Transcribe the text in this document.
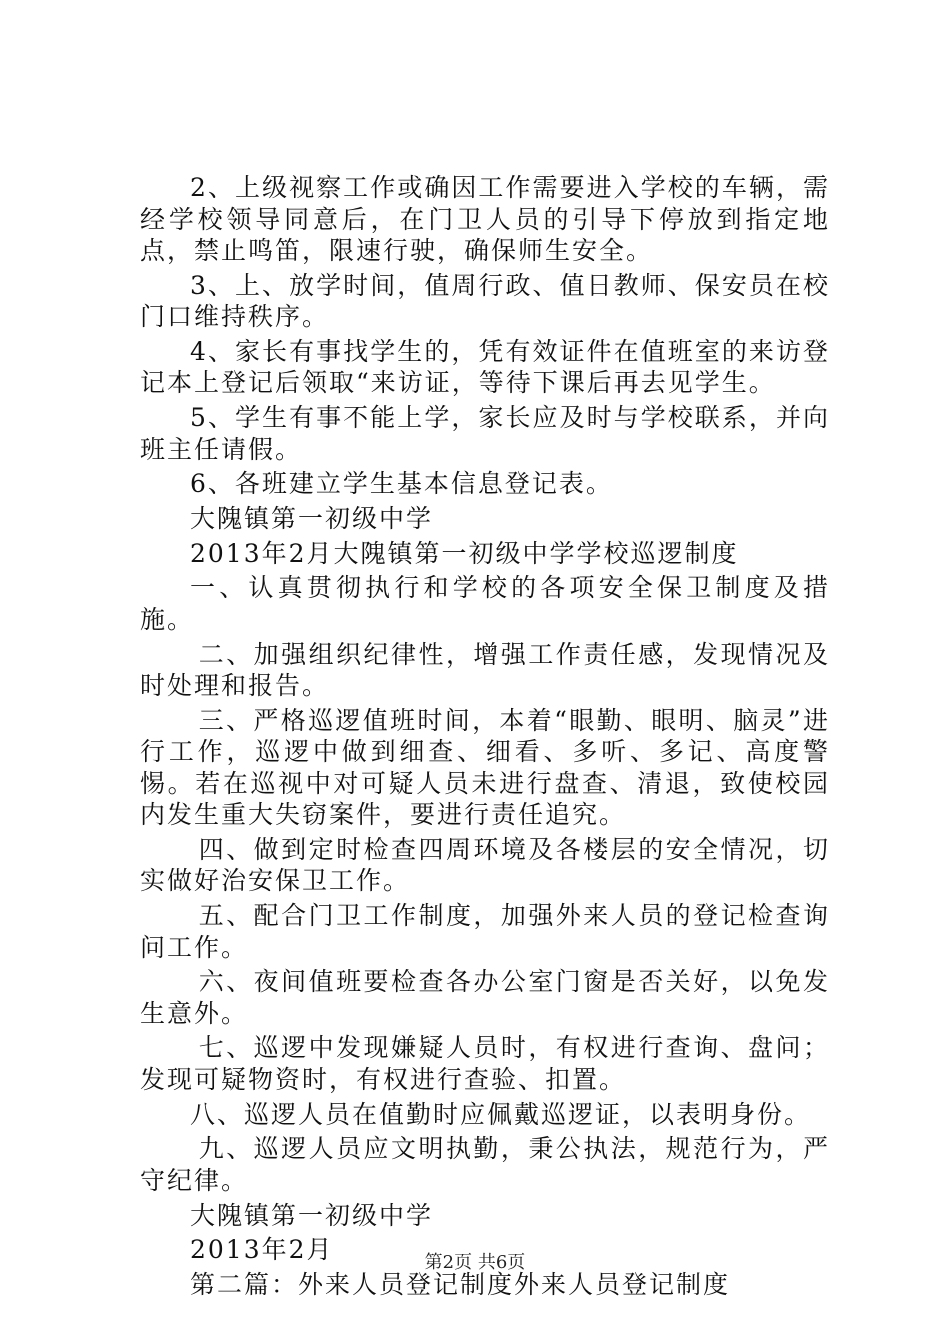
2、上级视察工作或确因工作需要进入学校的车辆，需经学校领导同意后，在门卫人员的引导下停放到指定地点，禁止鸣笛，限速行驶，确保师生安全。

3、上、放学时间，值周行政、值日教师、保安员在校门口维持秩序。

4、家长有事找学生的，凭有效证件在值班室的来访登记本上登记后领取“来访证，等待下课后再去见学生。

5、学生有事不能上学，家长应及时与学校联系，并向班主任请假。

6、各班建立学生基本信息登记表。

大隗镇第一初级中学

2013年2月大隗镇第一初级中学学校巡逻制度

一、认真贯彻执行和学校的各项安全保卫制度及措施。

二、加强组织纪律性，增强工作责任感，发现情况及时处理和报告。

三、严格巡逻值班时间，本着“眼勤、眼明、脑灵”进行工作，巡逻中做到细查、细看、多听、多记、高度警惕。若在巡视中对可疑人员未进行盘查、清退，致使校园内发生重大失窃案件，要进行责任追究。

四、做到定时检查四周环境及各楼层的安全情况，切实做好治安保卫工作。

五、配合门卫工作制度，加强外来人员的登记检查询问工作。

六、夜间值班要检查各办公室门窗是否关好，以免发生意外。

七、巡逻中发现嫌疑人员时，有权进行查询、盘问；发现可疑物资时，有权进行查验、扣置。

八、巡逻人员在值勤时应佩戴巡逻证，以表明身份。

九、巡逻人员应文明执勤，秉公执法，规范行为，严守纪律。

大隗镇第一初级中学

2013年2月

第二篇：外来人员登记制度外来人员登记制度

第2页 共6页
